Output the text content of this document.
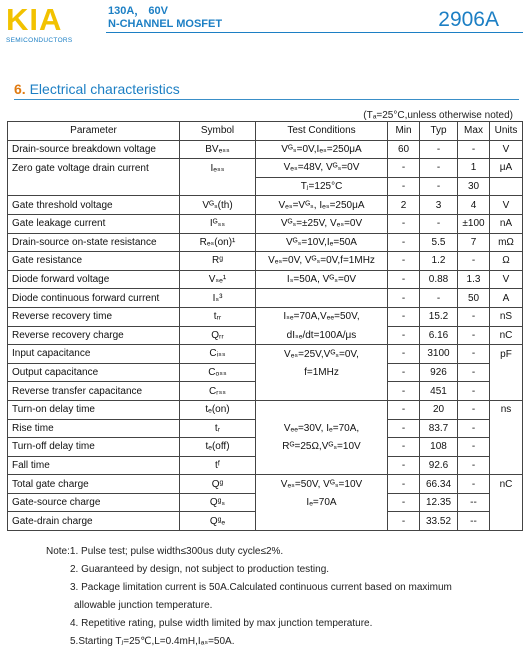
KIA
SEMICONDUCTORS
130A， 60V
N-CHANNEL MOSFET	2906A
6. Electrical characteristics
(Tₐ=25°C,unless otherwise noted)
Parameter	Symbol	Test Conditions	Min	Typ	Max	Units
Drain-source breakdown voltage	BVₑₛₛ	Vᴳₛ=0V,Iₑₛ=250μA	60	-	-	V
Zero gate voltage drain current	Iₑₛₛ	Vₑₛ=48V, Vᴳₛ=0V	-	-	1	μA
		Tⱼ=125°C	-	-	30	
Gate threshold voltage	Vᴳₛ(th)	Vₑₛ=Vᴳₛ, Iₑₛ=250μA	2	3	4	V
Gate leakage current	Iᴳₛₛ	Vᴳₛ=±25V, Vₑₛ=0V	-	-	±100	nA
Drain-source on-state resistance	Rₑₛ(on)¹	Vᴳₛ=10V,Iₑ=50A	-	5.5	7	mΩ
Gate resistance	Rᵍ	Vₑₛ=0V, Vᴳₛ=0V,f=1MHz	-	1.2	-	Ω
Diode forward voltage	Vₛₑ¹	Iₛ=50A, Vᴳₛ=0V	-	0.88	1.3	V
Diode continuous forward current	Iₛ³		-	-	50	A
Reverse recovery time	tᵣᵣ	Iₛₑ=70A,Vₑₑ=50V,	-	15.2	-	nS
Reverse recovery charge	Qᵣᵣ	dIₛₑ/dt=100A/μs	-	6.16	-	nC
Input capacitance	Cᵢₛₛ	Vₑₛ=25V,Vᴳₛ=0V,	-	3100	-	pF
Output capacitance	Cₒₛₛ	f=1MHz	-	926	-	
Reverse transfer capacitance	Cᵣₛₛ		-	451	-	
Turn-on delay time	tₑ(on)		-	20	-	ns
Rise time	tᵣ	Vₑₑ=30V, Iₑ=70A,	-	83.7	-	
Turn-off delay time	tₑ(off)	Rᴳ=25Ω,Vᴳₛ=10V	-	108	-	
Fall time	tᶠ		-	92.6	-	
Total gate charge	Qᵍ	Vₑₛ=50V, Vᴳₛ=10V	-	66.34	-	nC
Gate-source charge	Qᵍₛ	Iₑ=70A	-	12.35	--	
Gate-drain charge	Qᵍₑ		-	33.52	--	
Note:1. Pulse test; pulse width≤300us duty cycle≤2%.
2. Guaranteed by design, not subject to production testing.
3. Package limitation current is 50A.Calculated continuous current based on maximum
allowable junction temperature.
4. Repetitive rating, pulse width limited by max junction temperature.
5.Starting Tⱼ=25℃,L=0.4mH,Iₐₛ=50A.
